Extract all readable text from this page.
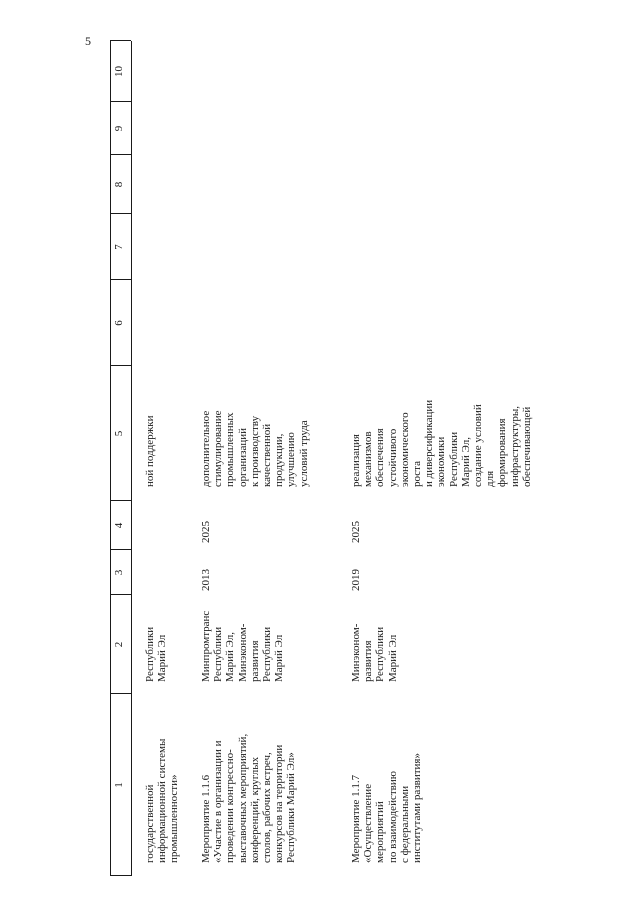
5
1
2
3
4
5
6
7
8
9
10
государственной
информационной системы
промышленности»
Республики
Марий Эл
ной поддержки
Мероприятие 1.1.6
«Участие в организации и
проведении конгрессно-
выставочных мероприятий,
конференций, круглых
столов, рабочих встреч,
конкурсов на территории
Республики Марий Эл»
Минпромтранс
Республики
Марий Эл,
Минэконом-
развития
Республики
Марий Эл
2013
2025
дополнительное
стимулирование
промышленных
организаций
к производству
качественной
продукции,
улучшению
условий труда
Мероприятие 1.1.7
«Осуществление
мероприятий
по взаимодействию
с федеральными
институтами развития»
Минэконом-
развития
Республики
Марий Эл
2019
2025
реализация
механизмов
обеспечения
устойчивого
экономического
роста
и диверсификации
экономики
Республики
Марий Эл,
создание условий
для
формирования
инфраструктуры,
обеспечивающей
